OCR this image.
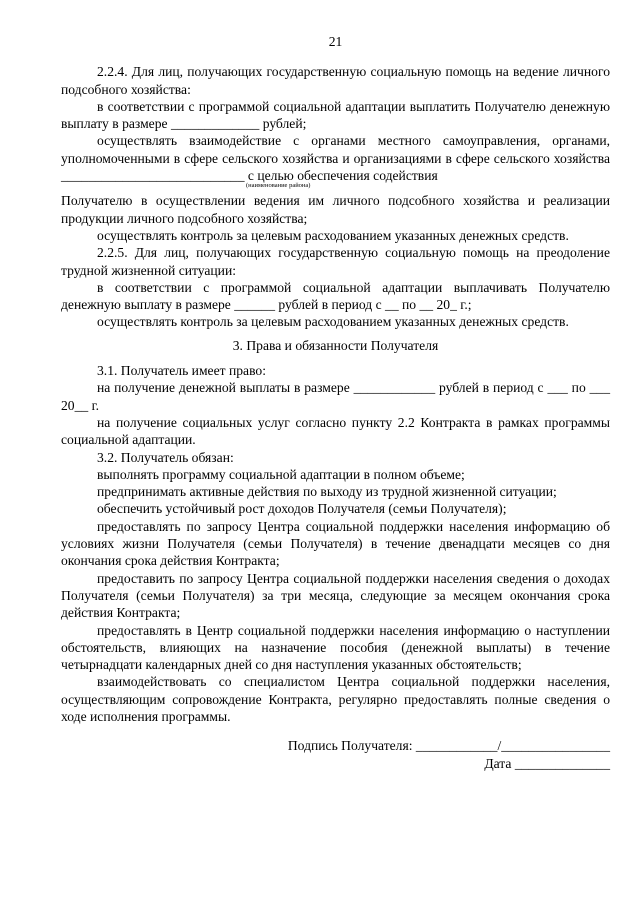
21

2.2.4. Для лиц, получающих государственную социальную помощь на ведение личного подсобного хозяйства:

в соответствии с программой социальной адаптации выплатить Получателю денежную выплату в размере _____________ рублей;

осуществлять взаимодействие с органами местного самоуправления, органами, уполномоченными в сфере сельского хозяйства и организациями в сфере сельского хозяйства ___________________________ с целью обеспечения содействия

(наименование района)

Получателю в осуществлении ведения им личного подсобного хозяйства и реализации продукции личного подсобного хозяйства;

осуществлять контроль за целевым расходованием указанных денежных средств.

2.2.5. Для лиц, получающих государственную социальную помощь на преодоление трудной жизненной ситуации:

в соответствии с программой социальной адаптации выплачивать Получателю денежную выплату в размере ______ рублей в период с __ по __ 20_ г.;

осуществлять контроль за целевым расходованием указанных денежных средств.

3. Права и обязанности Получателя

3.1. Получатель имеет право:

на получение денежной выплаты в размере ____________ рублей в период с ___ по ___ 20__ г.

на получение социальных услуг согласно пункту 2.2 Контракта в рамках программы социальной адаптации.

3.2. Получатель обязан:

выполнять программу социальной адаптации в полном объеме;

предпринимать активные действия по выходу из трудной жизненной ситуации;

обеспечить устойчивый рост доходов Получателя (семьи Получателя);

предоставлять по запросу Центра социальной поддержки населения информацию об условиях жизни Получателя (семьи Получателя) в течение двенадцати месяцев со дня окончания срока действия Контракта;

предоставить по запросу Центра социальной поддержки населения сведения о доходах Получателя (семьи Получателя) за три месяца, следующие за месяцем окончания срока действия Контракта;

предоставлять в Центр социальной поддержки населения информацию о наступлении обстоятельств, влияющих на назначение пособия (денежной выплаты) в течение четырнадцати календарных дней со дня наступления указанных обстоятельств;

взаимодействовать со специалистом Центра социальной поддержки населения, осуществляющим сопровождение Контракта, регулярно предоставлять полные сведения о ходе исполнения программы.

Подпись Получателя: ____________/________________
Дата ______________
